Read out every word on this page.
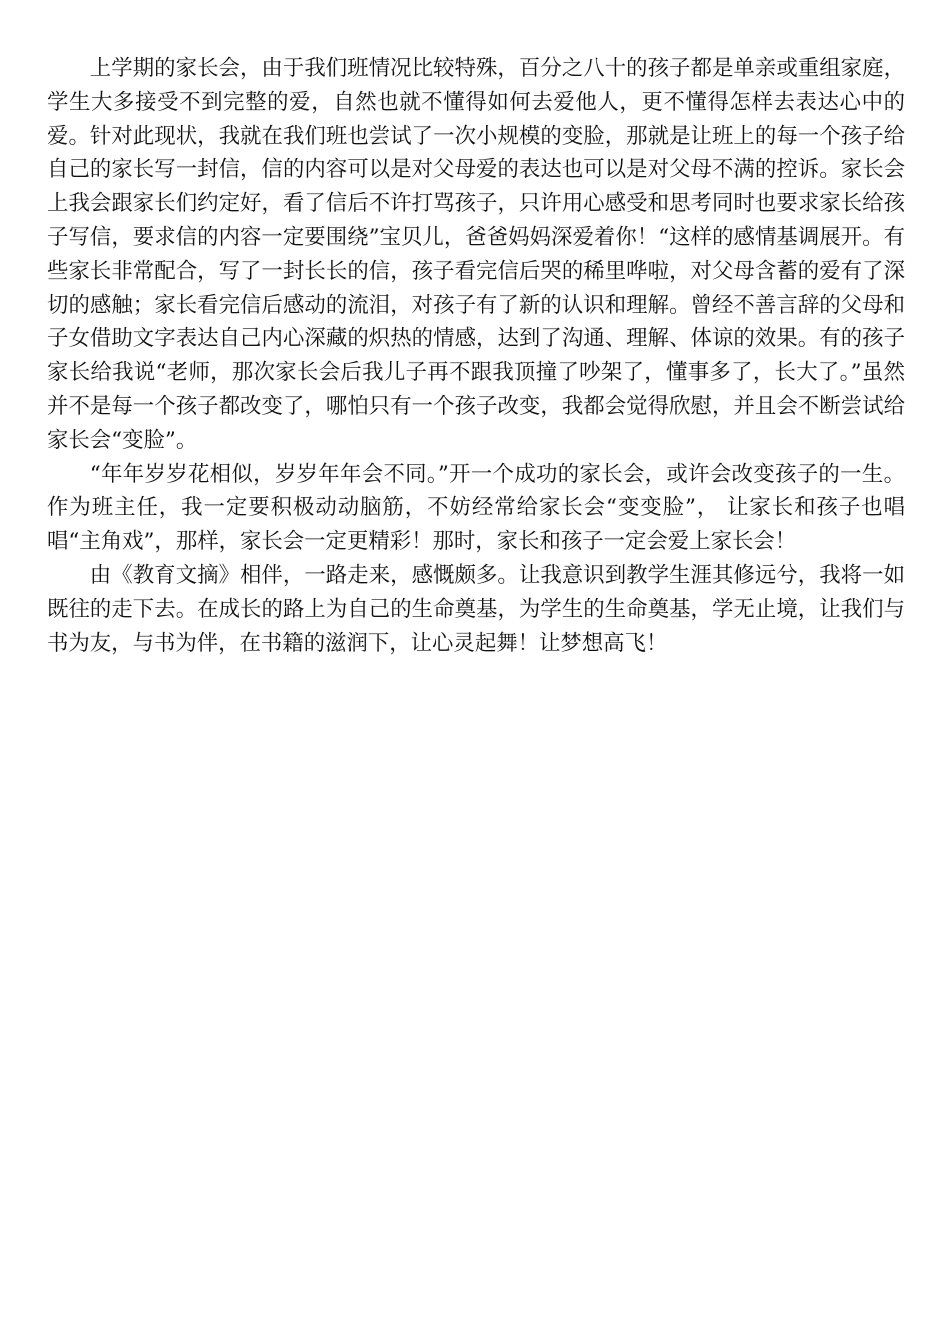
上学期的家长会，由于我们班情况比较特殊，百分之八十的孩子都是单亲或重组家庭，学生大多接受不到完整的爱，自然也就不懂得如何去爱他人，更不懂得怎样去表达心中的爱。针对此现状，我就在我们班也尝试了一次小规模的变脸，那就是让班上的每一个孩子给自己的家长写一封信，信的内容可以是对父母爱的表达也可以是对父母不满的控诉。家长会上我会跟家长们约定好，看了信后不许打骂孩子，只许用心感受和思考同时也要求家长给孩子写信，要求信的内容一定要围绕”宝贝儿，爸爸妈妈深爱着你！“这样的感情基调展开。有些家长非常配合，写了一封长长的信，孩子看完信后哭的稀里哗啦，对父母含蓄的爱有了深切的感触；家长看完信后感动的流泪，对孩子有了新的认识和理解。曾经不善言辞的父母和子女借助文字表达自己内心深藏的炽热的情感，达到了沟通、理解、体谅的效果。有的孩子家长给我说“老师，那次家长会后我儿子再不跟我顶撞了吵架了，懂事多了，长大了。”虽然并不是每一个孩子都改变了，哪怕只有一个孩子改变，我都会觉得欣慰，并且会不断尝试给家长会“变脸”。

“年年岁岁花相似，岁岁年年会不同。”开一个成功的家长会，或许会改变孩子的一生。作为班主任，我一定要积极动动脑筋，不妨经常给家长会“变变脸”， 让家长和孩子也唱唱“主角戏”，那样，家长会一定更精彩！那时，家长和孩子一定会爱上家长会！

由《教育文摘》相伴，一路走来，感慨颇多。让我意识到教学生涯其修远兮，我将一如既往的走下去。在成长的路上为自己的生命奠基，为学生的生命奠基，学无止境，让我们与书为友，与书为伴，在书籍的滋润下，让心灵起舞！让梦想高飞！
